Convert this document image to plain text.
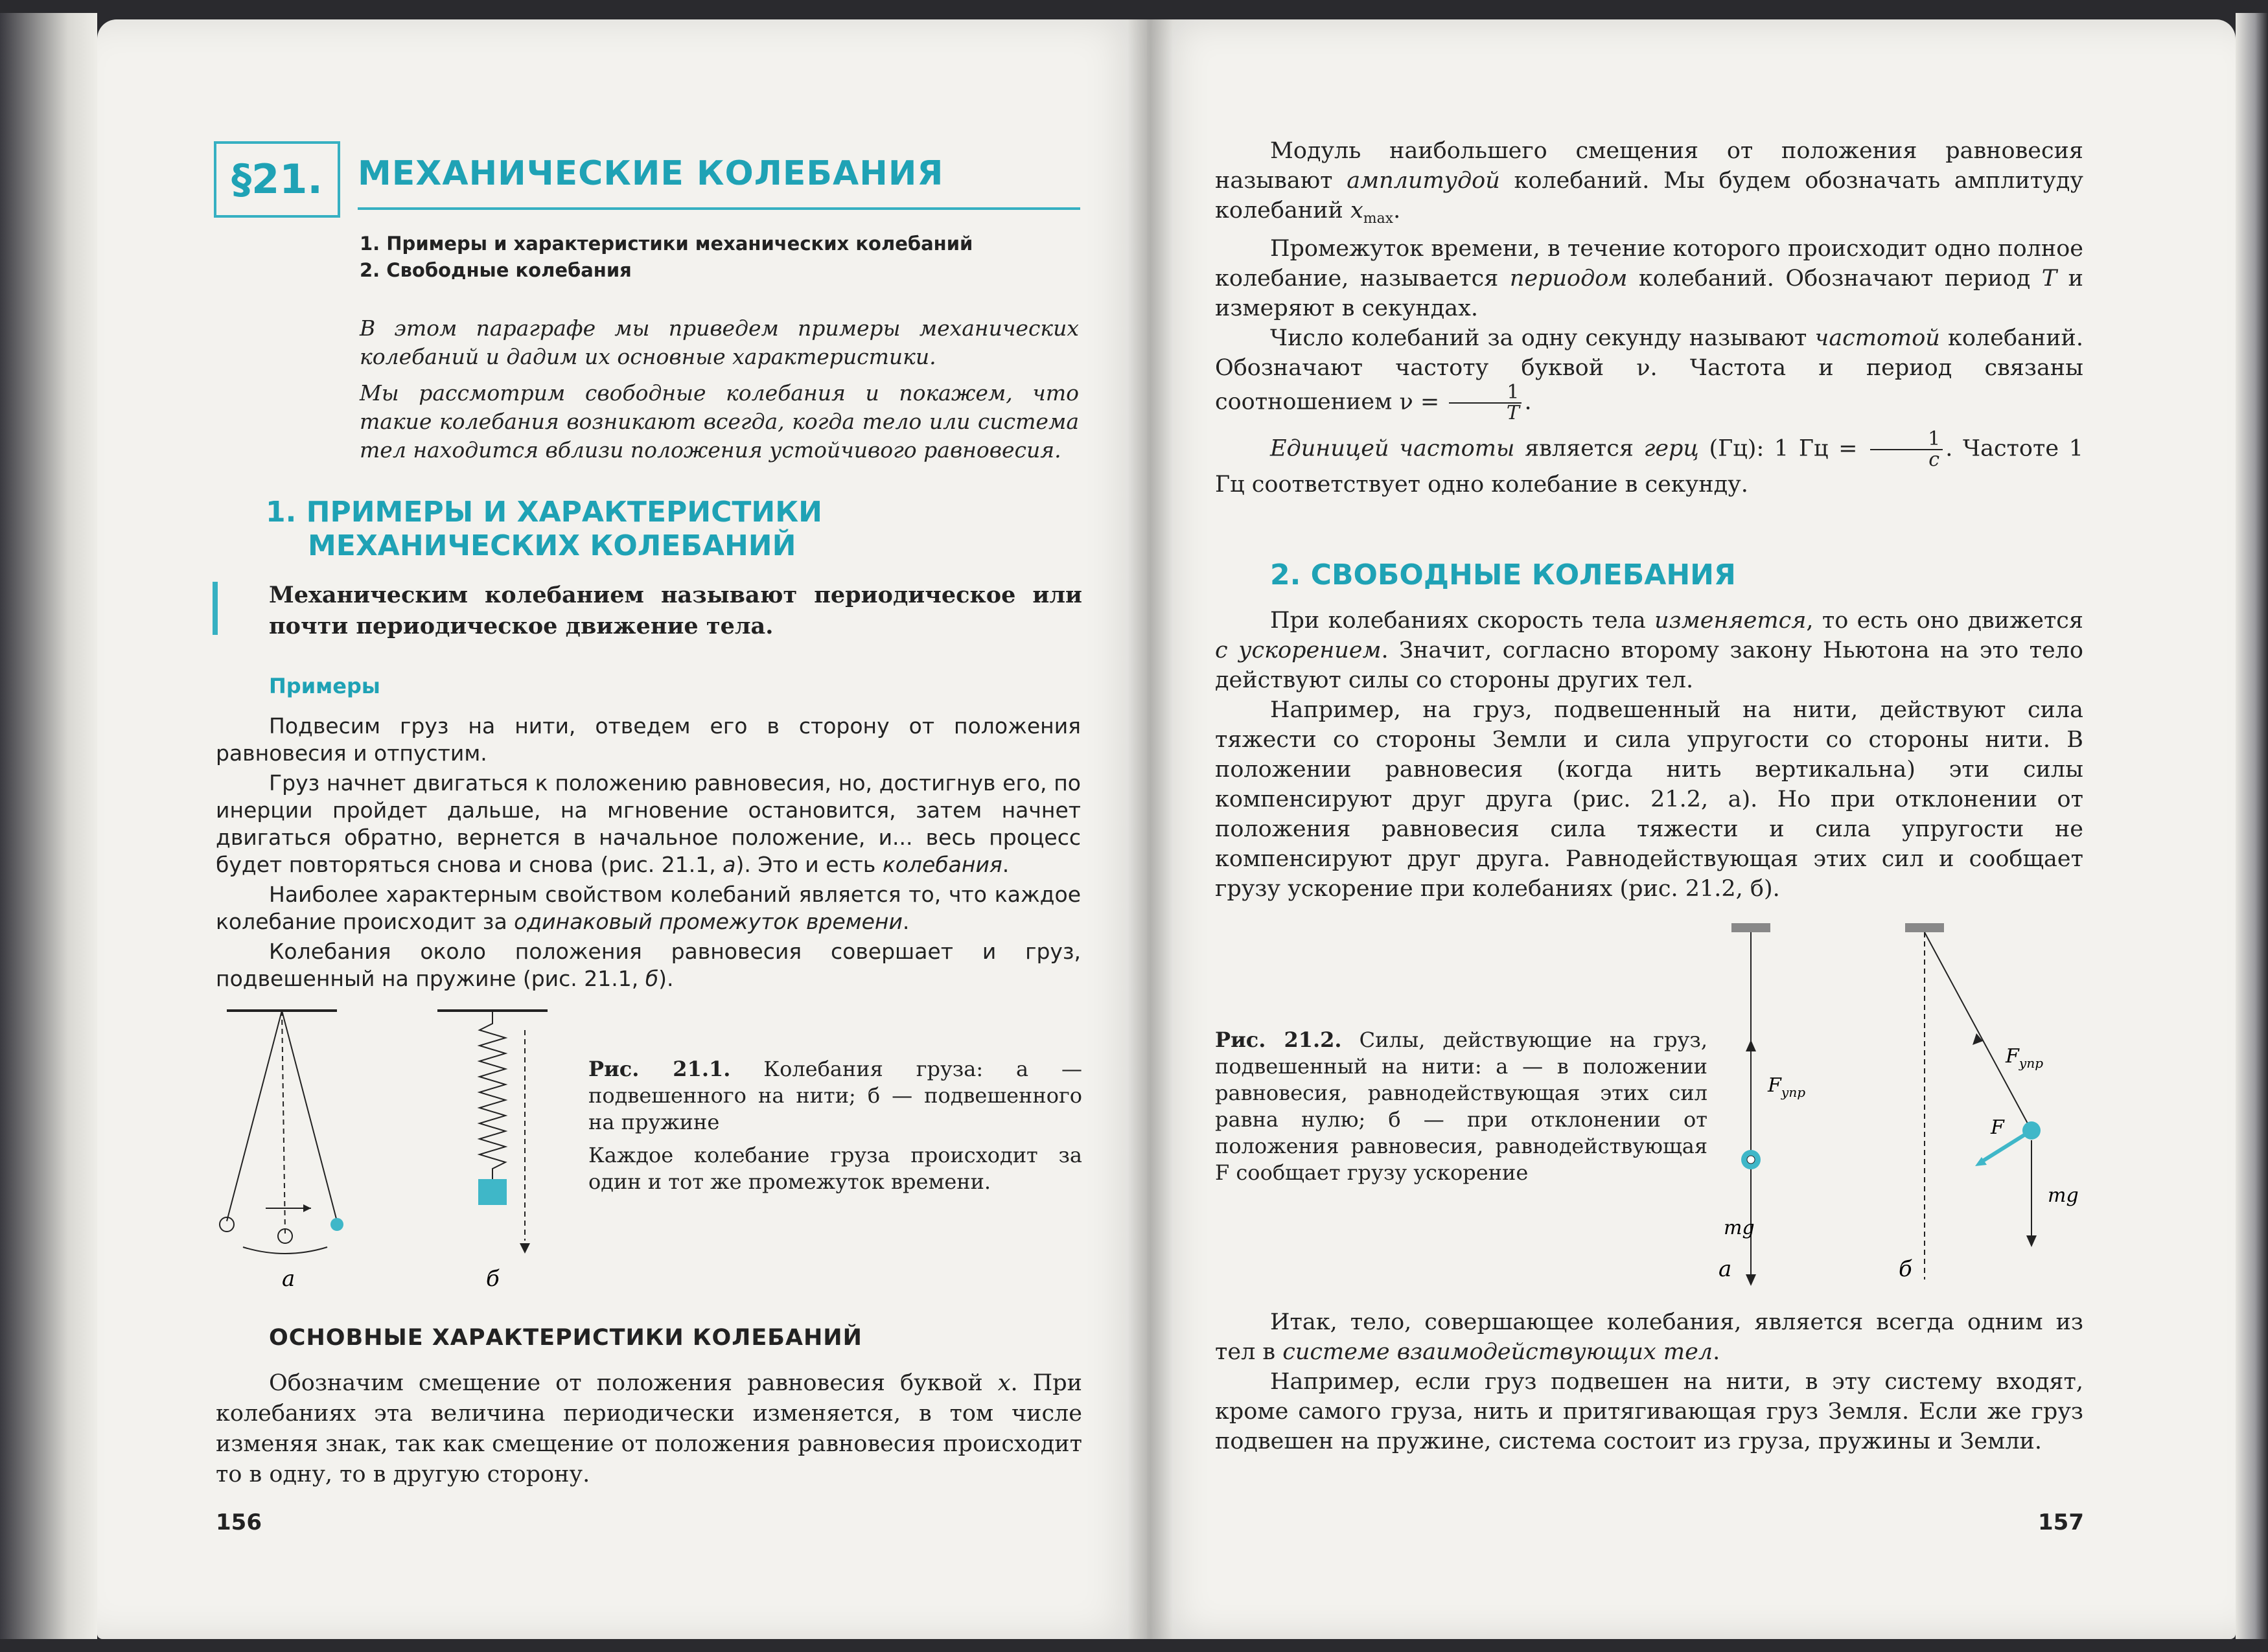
§21.	МЕХАНИЧЕСКИЕ КОЛЕБАНИЯ
1. Примеры и характеристики механических колебаний
2. Свободные колебания

В этом параграфе мы приведем примеры механических колебаний и дадим их основные характеристики.

Мы рассмотрим свободные колебания и покажем, что такие колебания возникают всегда, когда тело или система тел находится вблизи положения устойчивого равновесия.

1. ПРИМЕРЫ И ХАРАКТЕРИСТИКИ
МЕХАНИЧЕСКИХ КОЛЕБАНИЙ
Механическим колебанием называют периодическое или почти периодическое движение тела.
Примеры

Подвесим груз на нити, отведем его в сторону от положения равновесия и отпустим.

Груз начнет двигаться к положению равновесия, но, достигнув его, по инерции пройдет дальше, на мгновение остановится, затем начнет двигаться обратно, вернется в начальное положение, и... весь процесс будет повторяться снова и снова (рис. 21.1, а). Это и есть колебания.

Наиболее характерным свойством колебаний является то, что каждое колебание происходит за одинаковый промежуток времени.

Колебания около положения равновесия совершает и груз, подвешенный на пружине (рис. 21.1, б).

а	б

Рис. 21.1. Колебания груза: а — подвешенного на нити; б — подвешенного на пружине

Каждое колебание груза происходит за один и тот же промежуток времени.

ОСНОВНЫЕ ХАРАКТЕРИСТИКИ КОЛЕБАНИЙ

Обозначим смещение от положения равновесия буквой x. При колебаниях эта величина периодически изменяется, в том числе изменяя знак, так как смещение от положения равновесия происходит то в одну, то в другую сторону.

156

Модуль наибольшего смещения от положения равновесия называют амплитудой колебаний. Мы будем обозначать амплитуду колебаний $x_{max}$.

Промежуток времени, в течение которого происходит одно полное колебание, называется периодом колебаний. Обозначают период T и измеряют в секундах.

Число колебаний за одну секунду называют частотой колебаний. Обозначают частоту буквой ν. Частота и период связаны соотношением $\nu = \frac{1}{T}$ .

Единицей частоты является герц (Гц): 1 Гц = $\frac{1}{c}$ . Частоте 1 Гц соответствует одно колебание в секунду.

2. СВОБОДНЫЕ КОЛЕБАНИЯ

При колебаниях скорость тела изменяется, то есть оно движется с ускорением. Значит, согласно второму закону Ньютона на это тело действуют силы со стороны других тел.

Например, на груз, подвешенный на нити, действуют сила тяжести со стороны Земли и сила упругости со стороны нити. В положении равновесия (когда нить вертикальна) эти силы компенсируют друг друга (рис. 21.2, а). Но при отклонении от положения равновесия сила тяжести и сила упругости не компенсируют друг друга. Равнодействующая этих сил и сообщает грузу ускорение при колебаниях (рис. 21.2, б).

Рис. 21.2. Силы, действующие на груз, подвешенный на нити: а — в положении равновесия, равнодействующая этих сил равна нулю; б — при отклонении от положения равновесия, равнодействующая F сообщает грузу ускорение
$F_{упр}$
mg
а
$F_{упр}$
F
mg
б

Итак, тело, совершающее колебания, является всегда одним из тел в системе взаимодействующих тел.

Например, если груз подвешен на нити, в эту систему входят, кроме самого груза, нить и притягивающая груз Земля. Если же груз подвешен на пружине, система состоит из груза, пружины и Земли.

157
